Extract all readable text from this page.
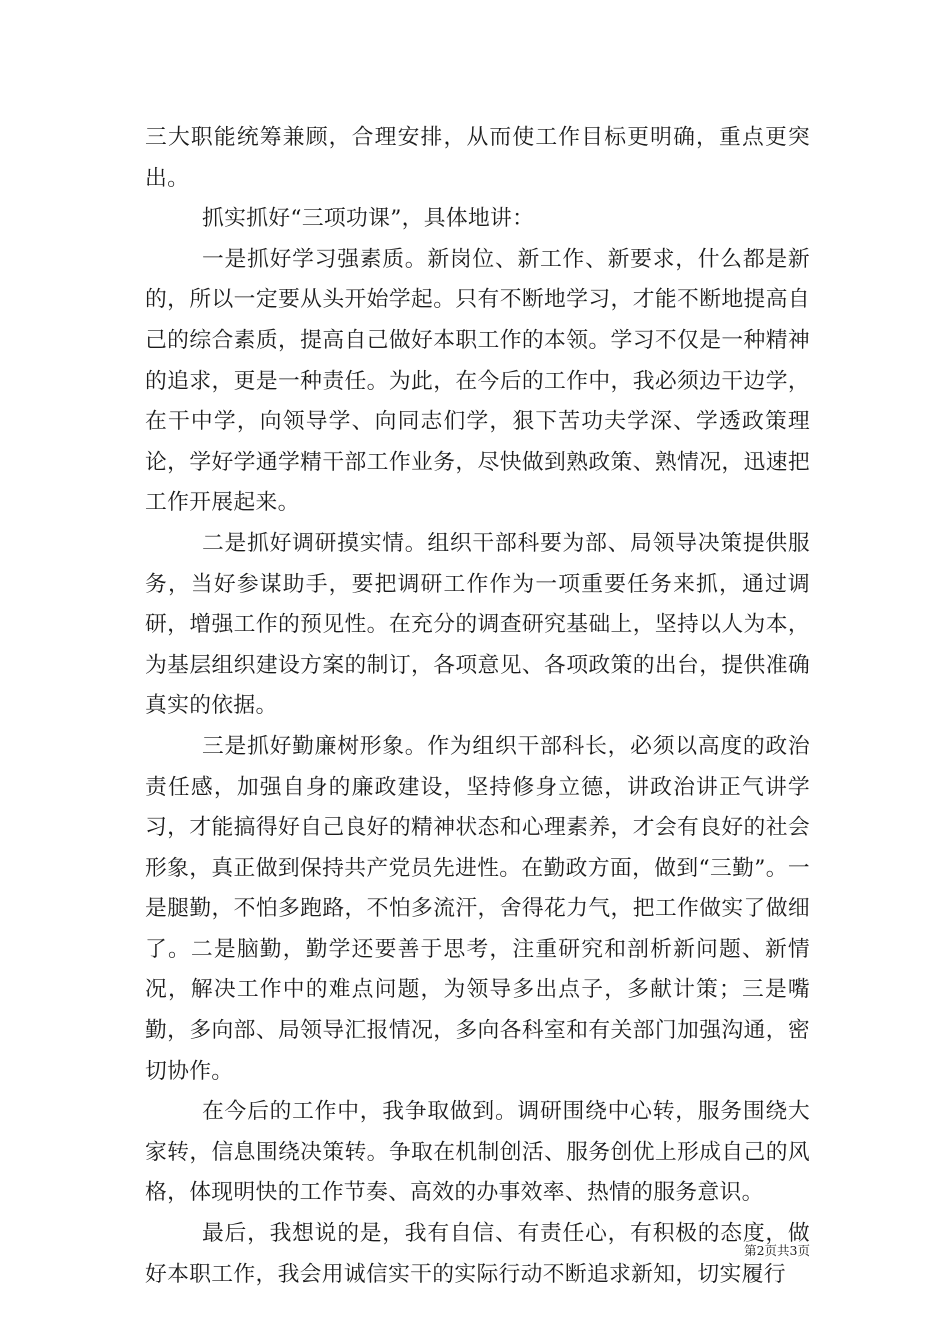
三大职能统筹兼顾，合理安排，从而使工作目标更明确，重点更突出。

抓实抓好“三项功课”，具体地讲：

一是抓好学习强素质。新岗位、新工作、新要求，什么都是新的，所以一定要从头开始学起。只有不断地学习，才能不断地提高自己的综合素质，提高自己做好本职工作的本领。学习不仅是一种精神的追求，更是一种责任。为此，在今后的工作中，我必须边干边学，在干中学，向领导学、向同志们学，狠下苦功夫学深、学透政策理论，学好学通学精干部工作业务，尽快做到熟政策、熟情况，迅速把工作开展起来。

二是抓好调研摸实情。组织干部科要为部、局领导决策提供服务，当好参谋助手，要把调研工作作为一项重要任务来抓，通过调研，增强工作的预见性。在充分的调查研究基础上，坚持以人为本，为基层组织建设方案的制订，各项意见、各项政策的出台，提供准确真实的依据。

三是抓好勤廉树形象。作为组织干部科长，必须以高度的政治责任感，加强自身的廉政建设，坚持修身立德，讲政治讲正气讲学习，才能搞得好自己良好的精神状态和心理素养，才会有良好的社会形象，真正做到保持共产党员先进性。在勤政方面，做到“三勤”。一是腿勤，不怕多跑路，不怕多流汗，舍得花力气，把工作做实了做细了。二是脑勤，勤学还要善于思考，注重研究和剖析新问题、新情况，解决工作中的难点问题，为领导多出点子，多献计策；三是嘴勤，多向部、局领导汇报情况，多向各科室和有关部门加强沟通，密切协作。

在今后的工作中，我争取做到。调研围绕中心转，服务围绕大家转，信息围绕决策转。争取在机制创活、服务创优上形成自己的风格，体现明快的工作节奏、高效的办事效率、热情的服务意识。

最后，我想说的是，我有自信、有责任心，有积极的态度，做好本职工作，我会用诚信实干的实际行动不断追求新知，切实履行

第2页共3页
